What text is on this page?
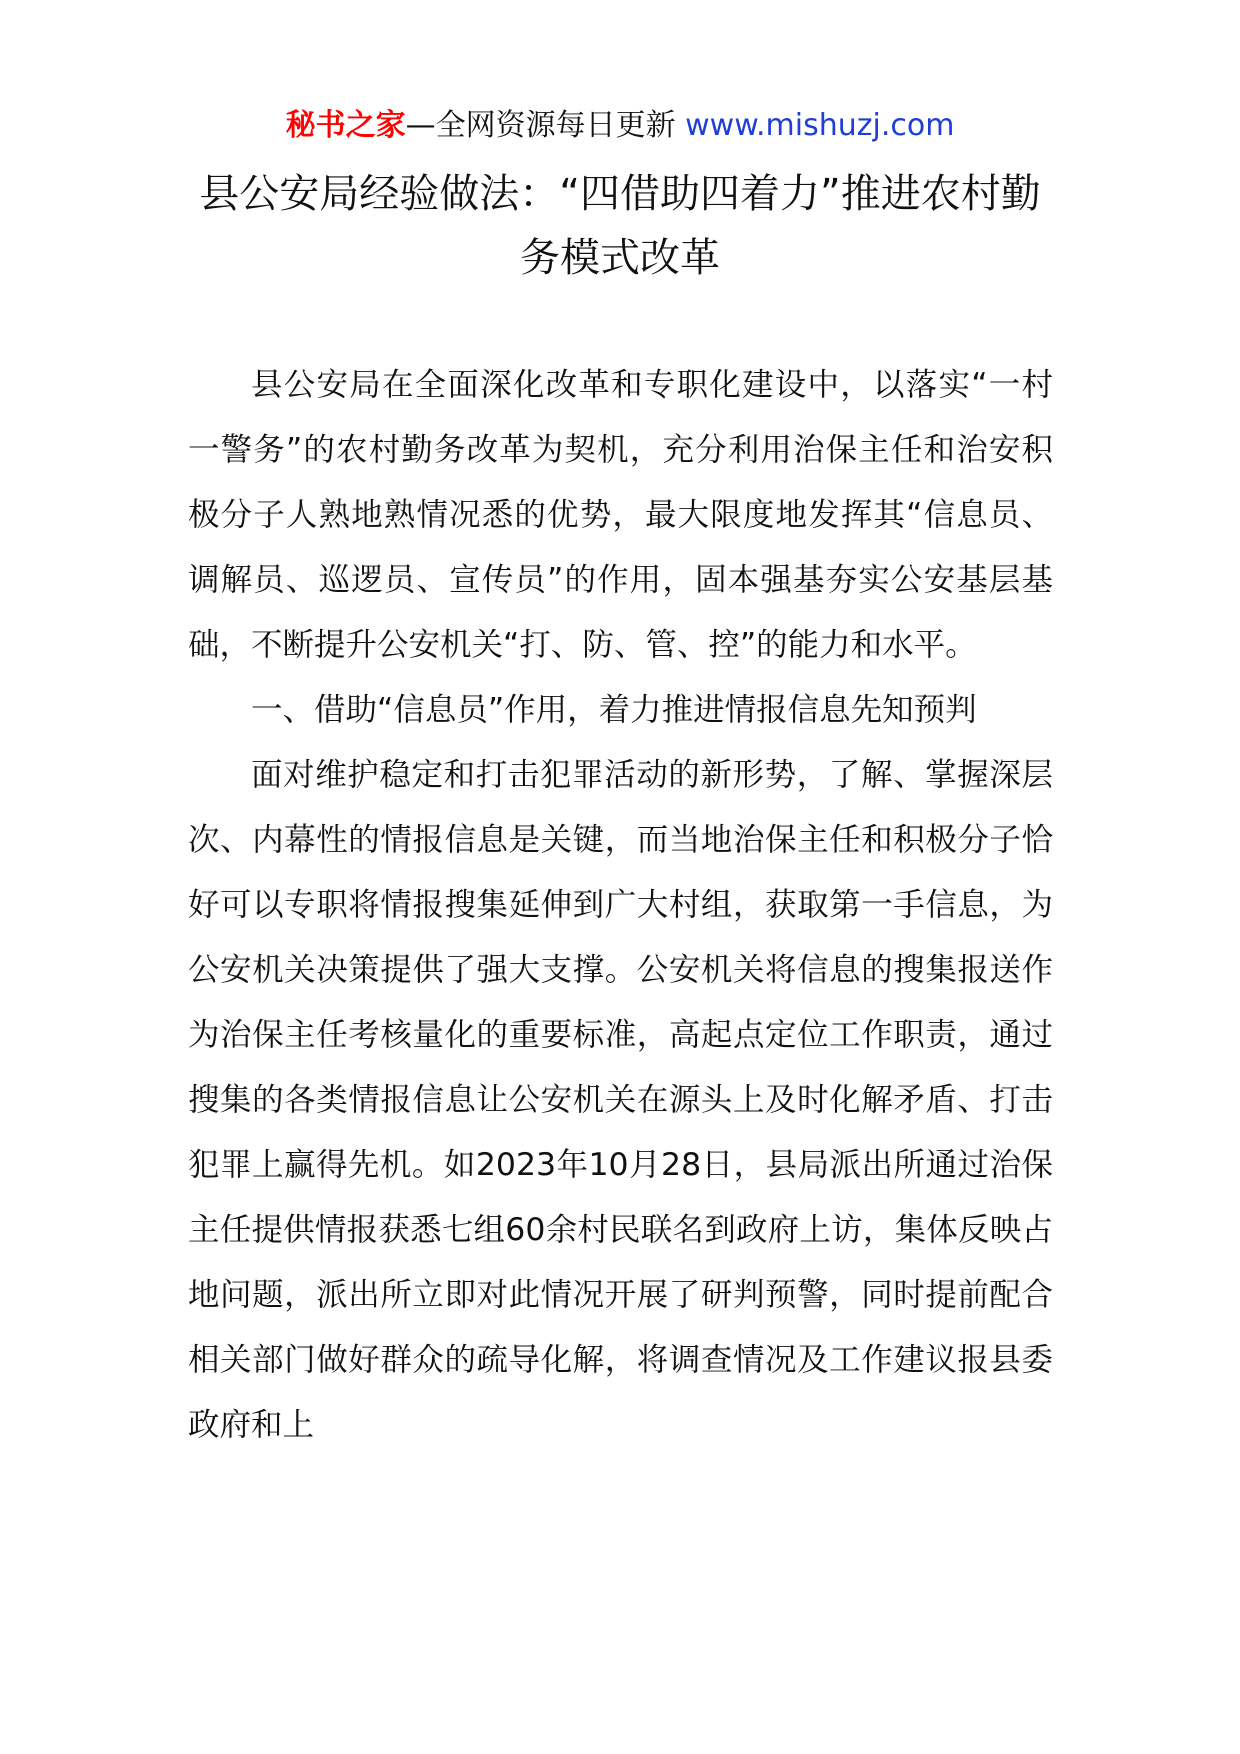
秘书之家—全网资源每日更新 www.mishuzj.com
县公安局经验做法：“四借助四着力”推进农村勤务模式改革

县公安局在全面深化改革和专职化建设中，以落实“一村一警务”的农村勤务改革为契机，充分利用治保主任和治安积极分子人熟地熟情况悉的优势，最大限度地发挥其“信息员、调解员、巡逻员、宣传员”的作用，固本强基夯实公安基层基础，不断提升公安机关“打、防、管、控”的能力和水平。

一、借助“信息员”作用，着力推进情报信息先知预判

面对维护稳定和打击犯罪活动的新形势，了解、掌握深层次、内幕性的情报信息是关键，而当地治保主任和积极分子恰好可以专职将情报搜集延伸到广大村组，获取第一手信息，为公安机关决策提供了强大支撑。公安机关将信息的搜集报送作为治保主任考核量化的重要标准，高起点定位工作职责，通过搜集的各类情报信息让公安机关在源头上及时化解矛盾、打击犯罪上赢得先机。如2023年10月28日，县局派出所通过治保主任提供情报获悉七组60余村民联名到政府上访，集体反映占地问题，派出所立即对此情况开展了研判预警，同时提前配合相关部门做好群众的疏导化解，将调查情况及工作建议报县委政府和上
